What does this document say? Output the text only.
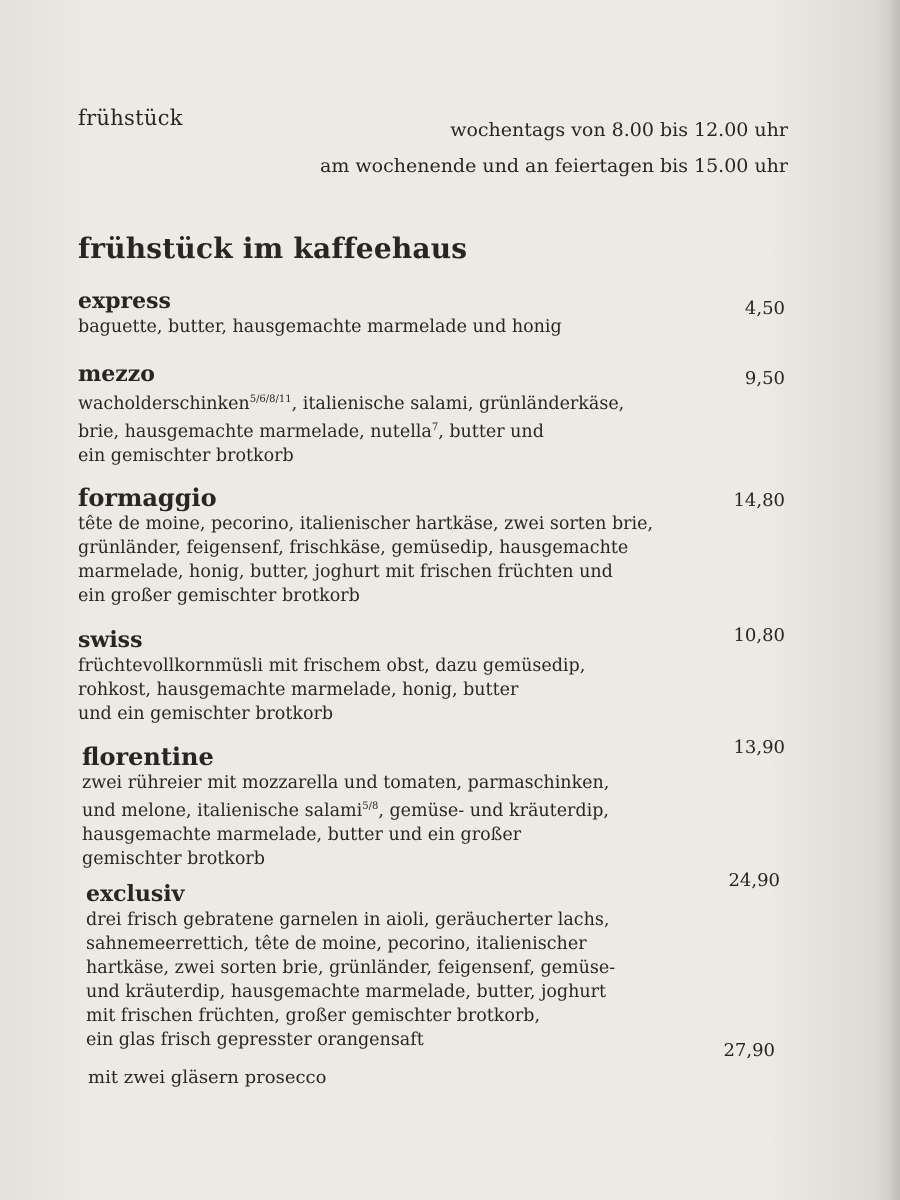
frühstück	wochentags von 8.00 bis 12.00 uhr
am wochenende und an feiertagen bis 15.00 uhr
frühstück im kaffeehaus
express
baguette, butter, hausgemachte marmelade und honig
4,50
mezzo
wacholderschinken$^{5/6/8/11}$, italienische salami, grünländerkäse,
brie, hausgemachte marmelade, nutella$^7$, butter und
ein gemischter brotkorb
9,50
formaggio
tête de moine, pecorino, italienischer hartkäse, zwei sorten brie,
grünländer, feigensenf, frischkäse, gemüsedip, hausgemachte
marmelade, honig, butter, joghurt mit frischen früchten und
ein großer gemischter brotkorb
14,80
swiss
früchtevollkornmüsli mit frischem obst, dazu gemüsedip,
rohkost, hausgemachte marmelade, honig, butter
und ein gemischter brotkorb
10,80
florentine
zwei rühreier mit mozzarella und tomaten, parmaschinken,
und melone, italienische salami$^{5/8}$, gemüse- und kräuterdip,
hausgemachte marmelade, butter und ein großer
gemischter brotkorb
13,90
exclusiv
drei frisch gebratene garnelen in aioli, geräucherter lachs,
sahnemeerrettich, tête de moine, pecorino, italienischer
hartkäse, zwei sorten brie, grünländer, feigensenf, gemüse-
und kräuterdip, hausgemachte marmelade, butter, joghurt
mit frischen früchten, großer gemischter brotkorb,
ein glas frisch gepresster orangensaft
24,90
27,90
mit zwei gläsern prosecco
